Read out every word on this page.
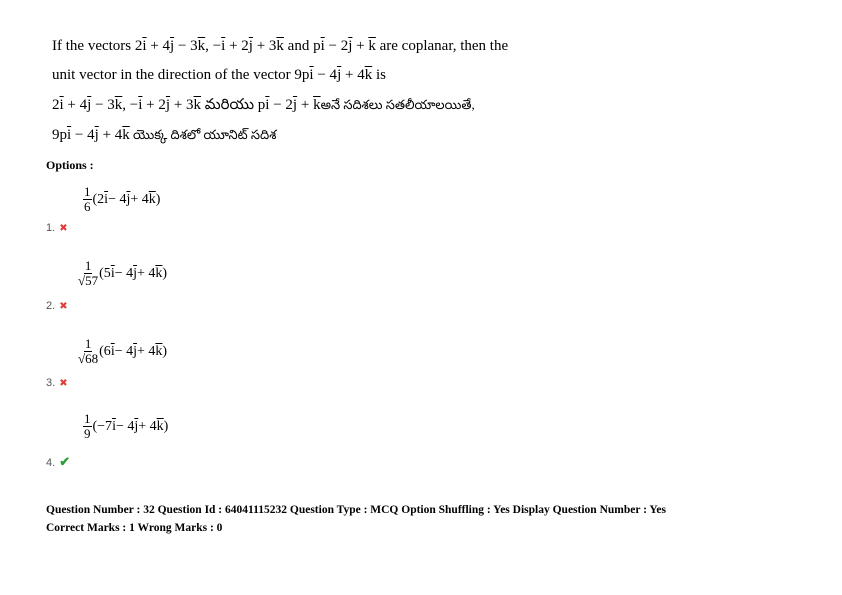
If the vectors $2\overline{i} + 4\overline{j} - 3\overline{k}$, $-\overline{i} + 2\overline{j} + 3\overline{k}$ and $p\overline{i} - 2\overline{j} + \overline{k}$ are coplanar, then the
unit vector in the direction of the vector $9p\overline{i} - 4\overline{j} + 4\overline{k}$ is
$2\overline{i} + 4\overline{j} - 3\overline{k}$, $-\overline{i} + 2\overline{j} + 3\overline{k}$ మరియు $p\overline{i} - 2\overline{j}$ + $\overline{k}అనే$ సదిశలు సతలీయాలయితే,
$9p\overline{i} - 4\overline{j} + 4\overline{k}$ యొక్క దిశలో యూనిట్ సదిశ
Options :
$\frac{1}{6} (2$ $\overline{i} - 4$ $\overline{j} + 4$ $\overline{k}$ )
1. ✖
$\frac{1}{√57} (5$ $\overline{i} - 4$ $\overline{j} + 4$ $\overline{k}$ )
2. ✖
$\frac{1}{√68} (6$ $\overline{i} - 4$ $\overline{j} + 4$ $\overline{k}$ )
3. ✖
$\frac{1}{9} (-7$ $\overline{i} - 4$ $\overline{j} + 4$ $\overline{k}$ )
4. ✔
Question Number : 32 Question Id : 64041115232 Question Type : MCQ Option Shuffling : Yes Display Question Number : Yes
Correct Marks : 1 Wrong Marks : 0
